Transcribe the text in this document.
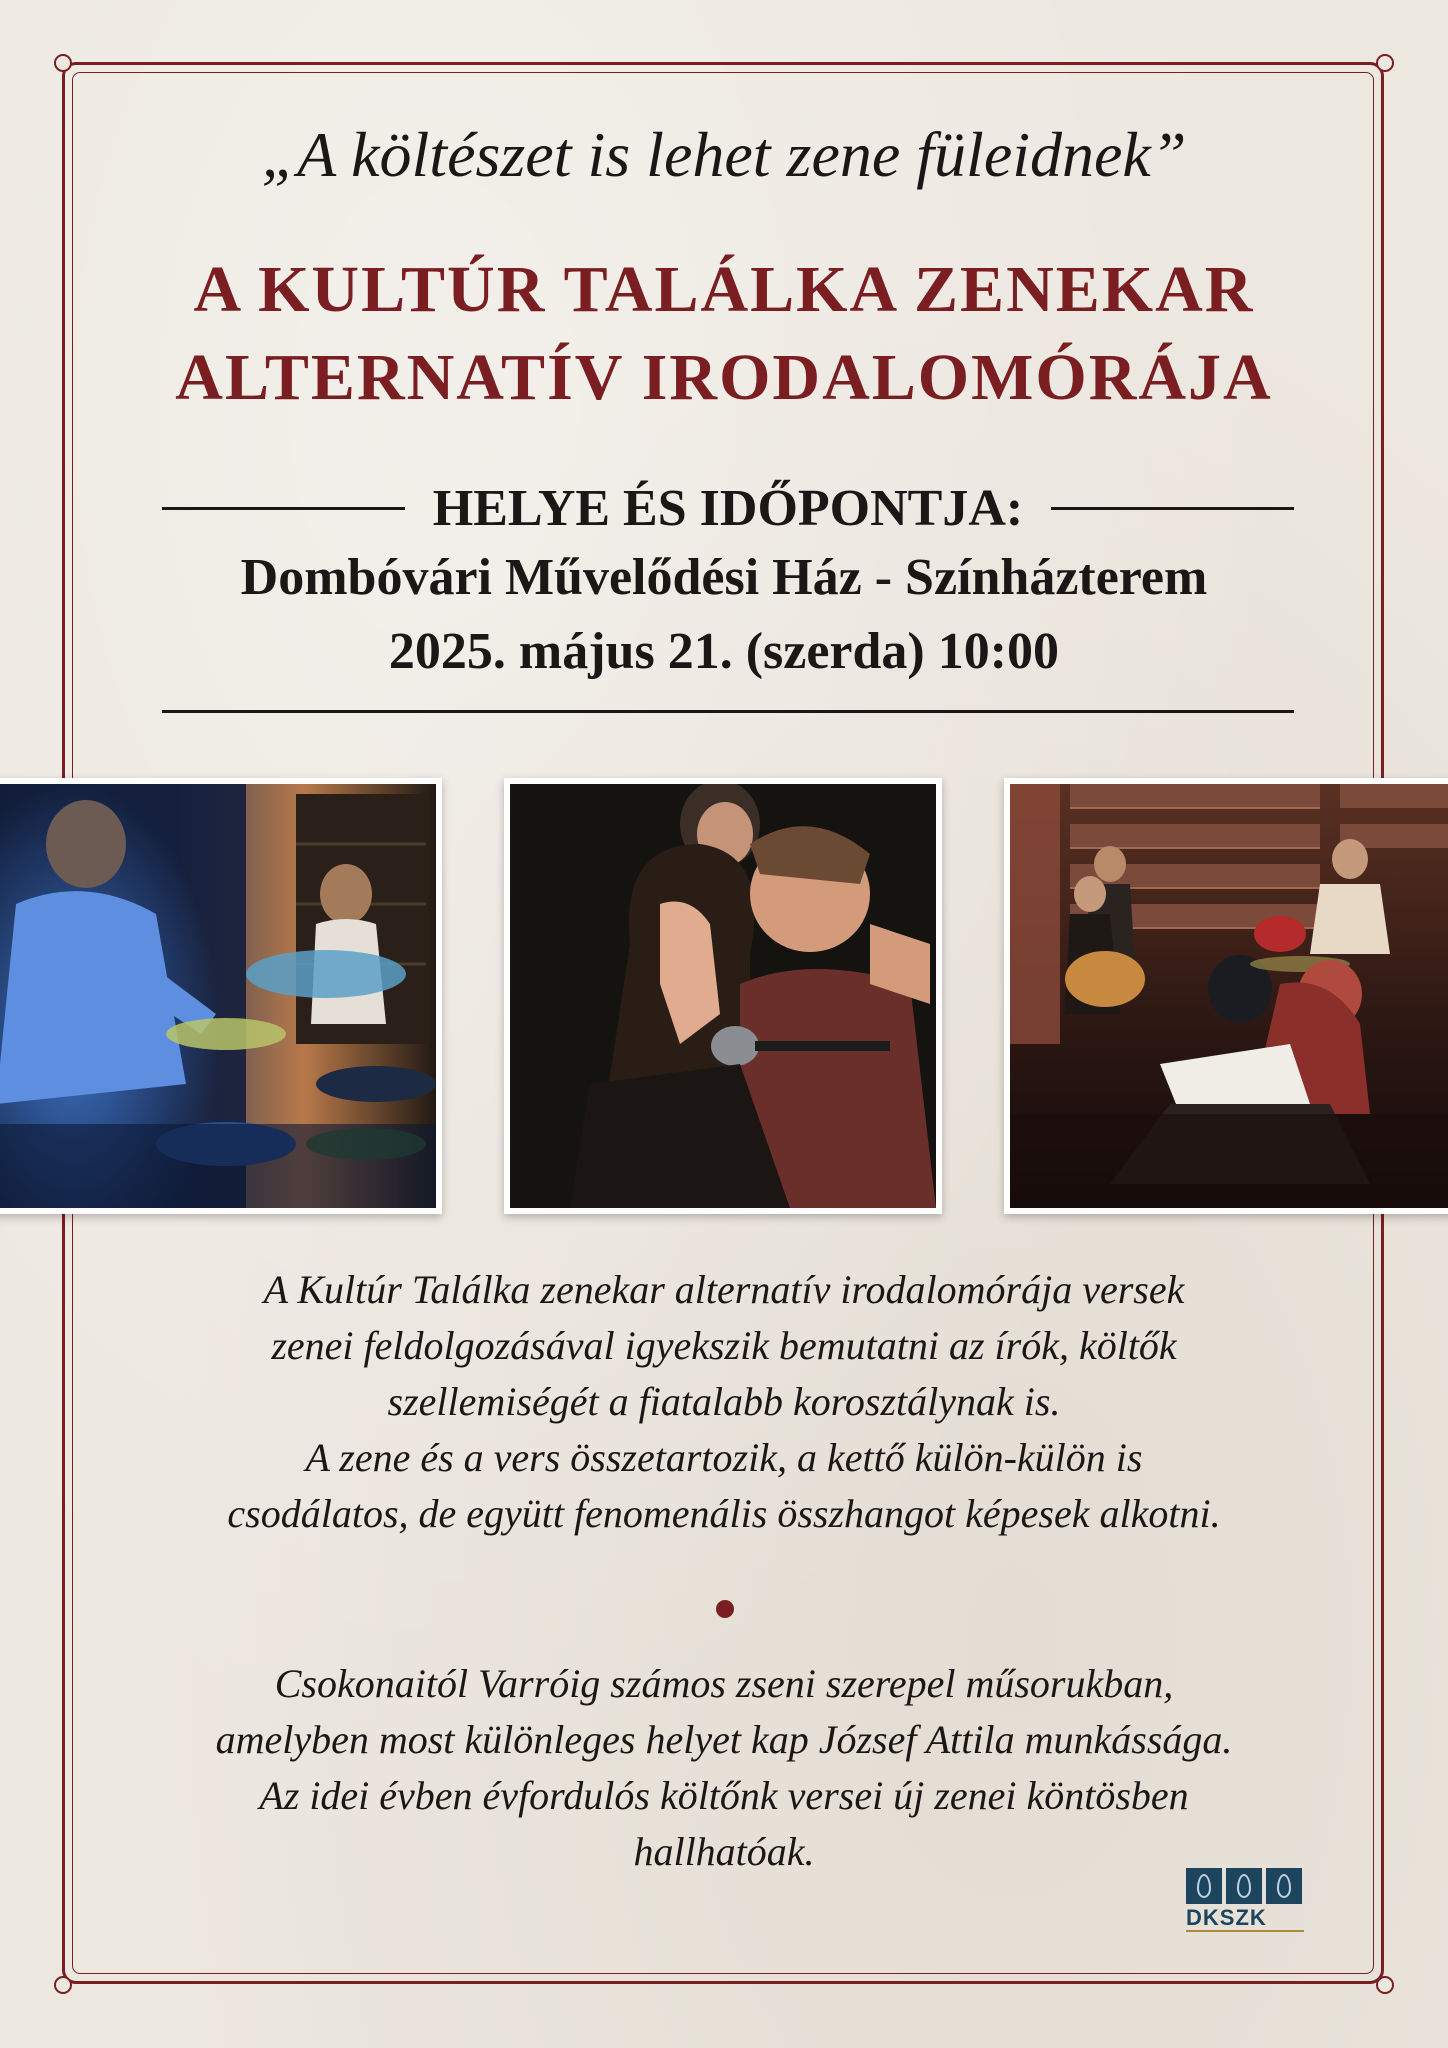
„A költészet is lehet zene füleidnek”
A KULTÚR TALÁLKA ZENEKAR
ALTERNATÍV IRODALOMÓRÁJA
HELYE ÉS IDŐPONTJA:
Dombóvári Művelődési Ház - Színházterem
2025. május 21. (szerda) 10:00
A Kultúr Találka zenekar alternatív irodalomórája versek
zenei feldolgozásával igyekszik bemutatni az írók, költők
szellemiségét a fiatalabb korosztálynak is.
A zene és a vers összetartozik, a kettő külön-külön is
csodálatos, de együtt fenomenális összhangot képesek alkotni.
Csokonaitól Varróig számos zseni szerepel műsorukban,
amelyben most különleges helyet kap József Attila munkássága.
Az idei évben évfordulós költőnk versei új zenei köntösben
hallhatóak.
DKSZK
